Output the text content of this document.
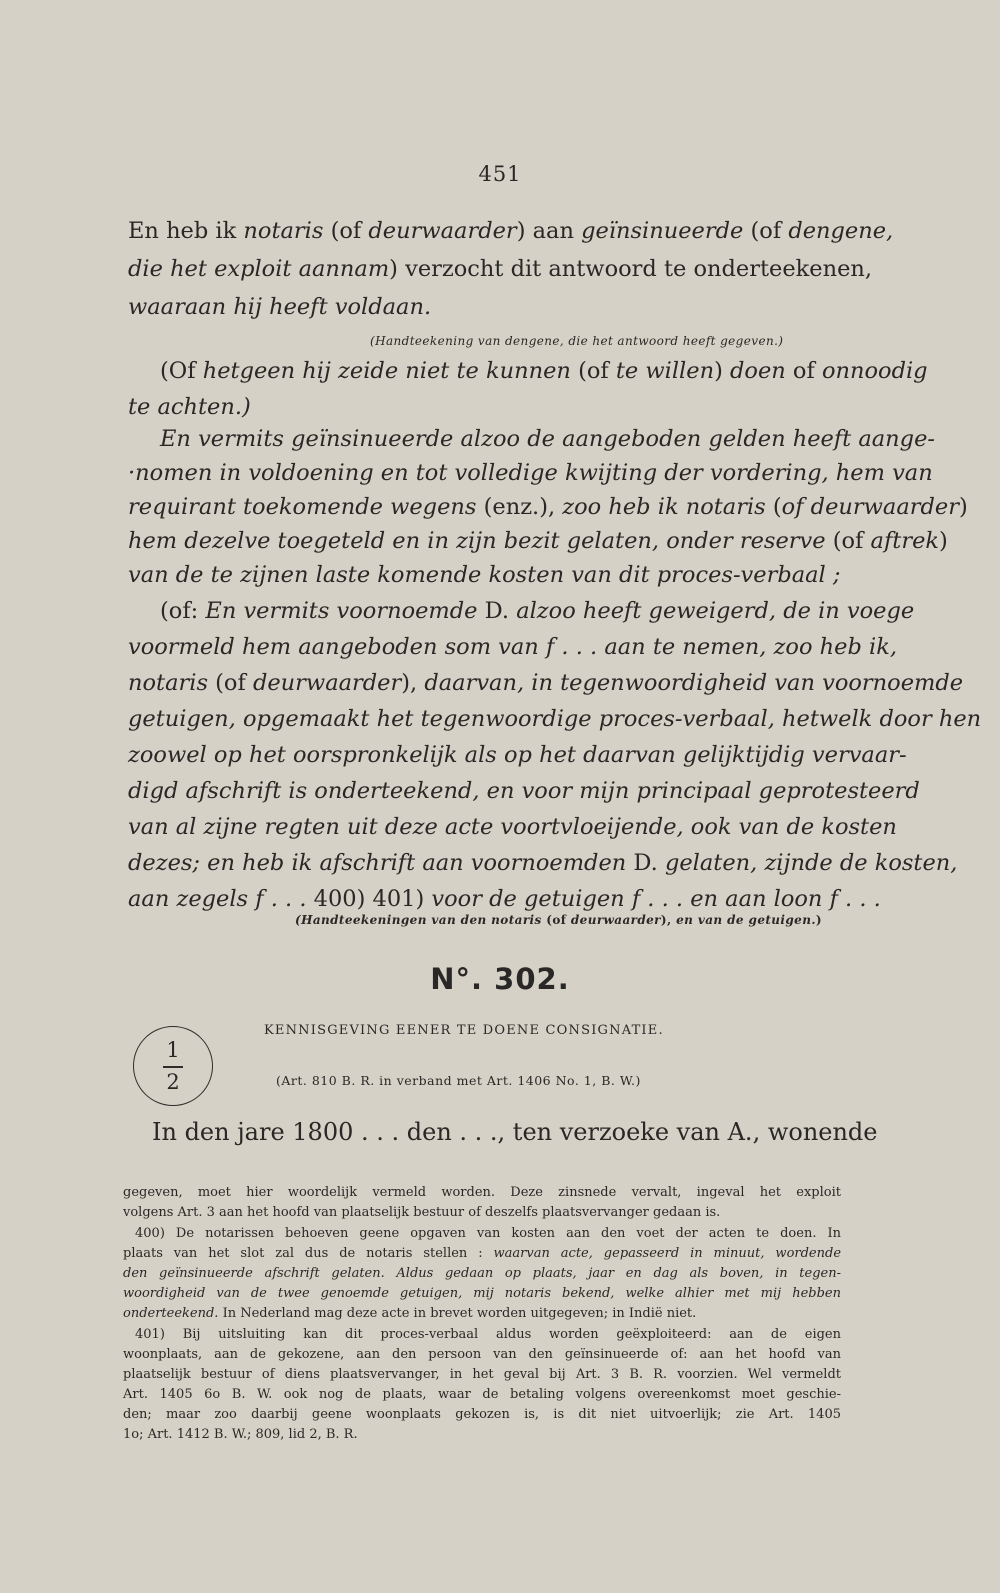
451
En heb ik notaris (of deurwaarder) aan geïnsinueerde (of dengene,
die het exploit aannam) verzocht dit antwoord te onderteekenen,
waaraan hij heeft voldaan.
(Handteekening van dengene, die het antwoord heeft gegeven.)
(Of hetgeen hij zeide niet te kunnen (of te willen) doen of onnoodig
te achten.)
En vermits geïnsinueerde alzoo de aangeboden gelden heeft aange-
·nomen in voldoening en tot volledige kwijting der vordering, hem van
requirant toekomende wegens (enz.), zoo heb ik notaris (of deurwaarder)
hem dezelve toegeteld en in zijn bezit gelaten, onder reserve (of aftrek)
van de te zijnen laste komende kosten van dit proces-verbaal ;
(of: En vermits voornoemde D. alzoo heeft geweigerd, de in voege
voormeld hem aangeboden som van f . . . aan te nemen, zoo heb ik,
notaris (of deurwaarder), daarvan, in tegenwoordigheid van voornoemde
getuigen, opgemaakt het tegenwoordige proces-verbaal, hetwelk door hen
zoowel op het oorspronkelijk als op het daarvan gelijktijdig vervaar-
digd afschrift is onderteekend, en voor mijn principaal geprotesteerd
van al zijne regten uit deze acte voortvloeijende, ook van de kosten
dezes; en heb ik afschrift aan voornoemden D. gelaten, zijnde de kosten,
aan zegels f . . . 400) 401) voor de getuigen f . . . en aan loon f . . .
(Handteekeningen van den notaris (of deurwaarder), en van de getuigen.)
N°. 302.
1
2
KENNISGEVING EENER TE DOENE CONSIGNATIE.
(Art. 810 B. R. in verband met Art. 1406 No. 1, B. W.)
In den jare 1800 . . . den . . ., ten verzoeke van A., wonende
gegeven, moet hier woordelijk vermeld worden. Deze zinsnede vervalt, ingeval het exploit
volgens Art. 3 aan het hoofd van plaatselijk bestuur of deszelfs plaatsvervanger gedaan is.
400) De notarissen behoeven geene opgaven van kosten aan den voet der acten te doen. In
plaats van het slot zal dus de notaris stellen : waarvan acte, gepasseerd in minuut, wordende
den geïnsinueerde afschrift gelaten. Aldus gedaan op plaats, jaar en dag als boven, in tegen-
woordigheid van de twee genoemde getuigen, mij notaris bekend, welke alhier met mij hebben
onderteekend. In Nederland mag deze acte in brevet worden uitgegeven; in Indië niet.
401) Bij uitsluiting kan dit proces-verbaal aldus worden geëxploiteerd: aan de eigen
woonplaats, aan de gekozene, aan den persoon van den geïnsinueerde of: aan het hoofd van
plaatselijk bestuur of diens plaatsvervanger, in het geval bij Art. 3 B. R. voorzien. Wel vermeldt
Art. 1405 6o B. W. ook nog de plaats, waar de betaling volgens overeenkomst moet geschie-
den; maar zoo daarbij geene woonplaats gekozen is, is dit niet uitvoerlijk; zie Art. 1405
1o; Art. 1412 B. W.; 809, lid 2, B. R.
